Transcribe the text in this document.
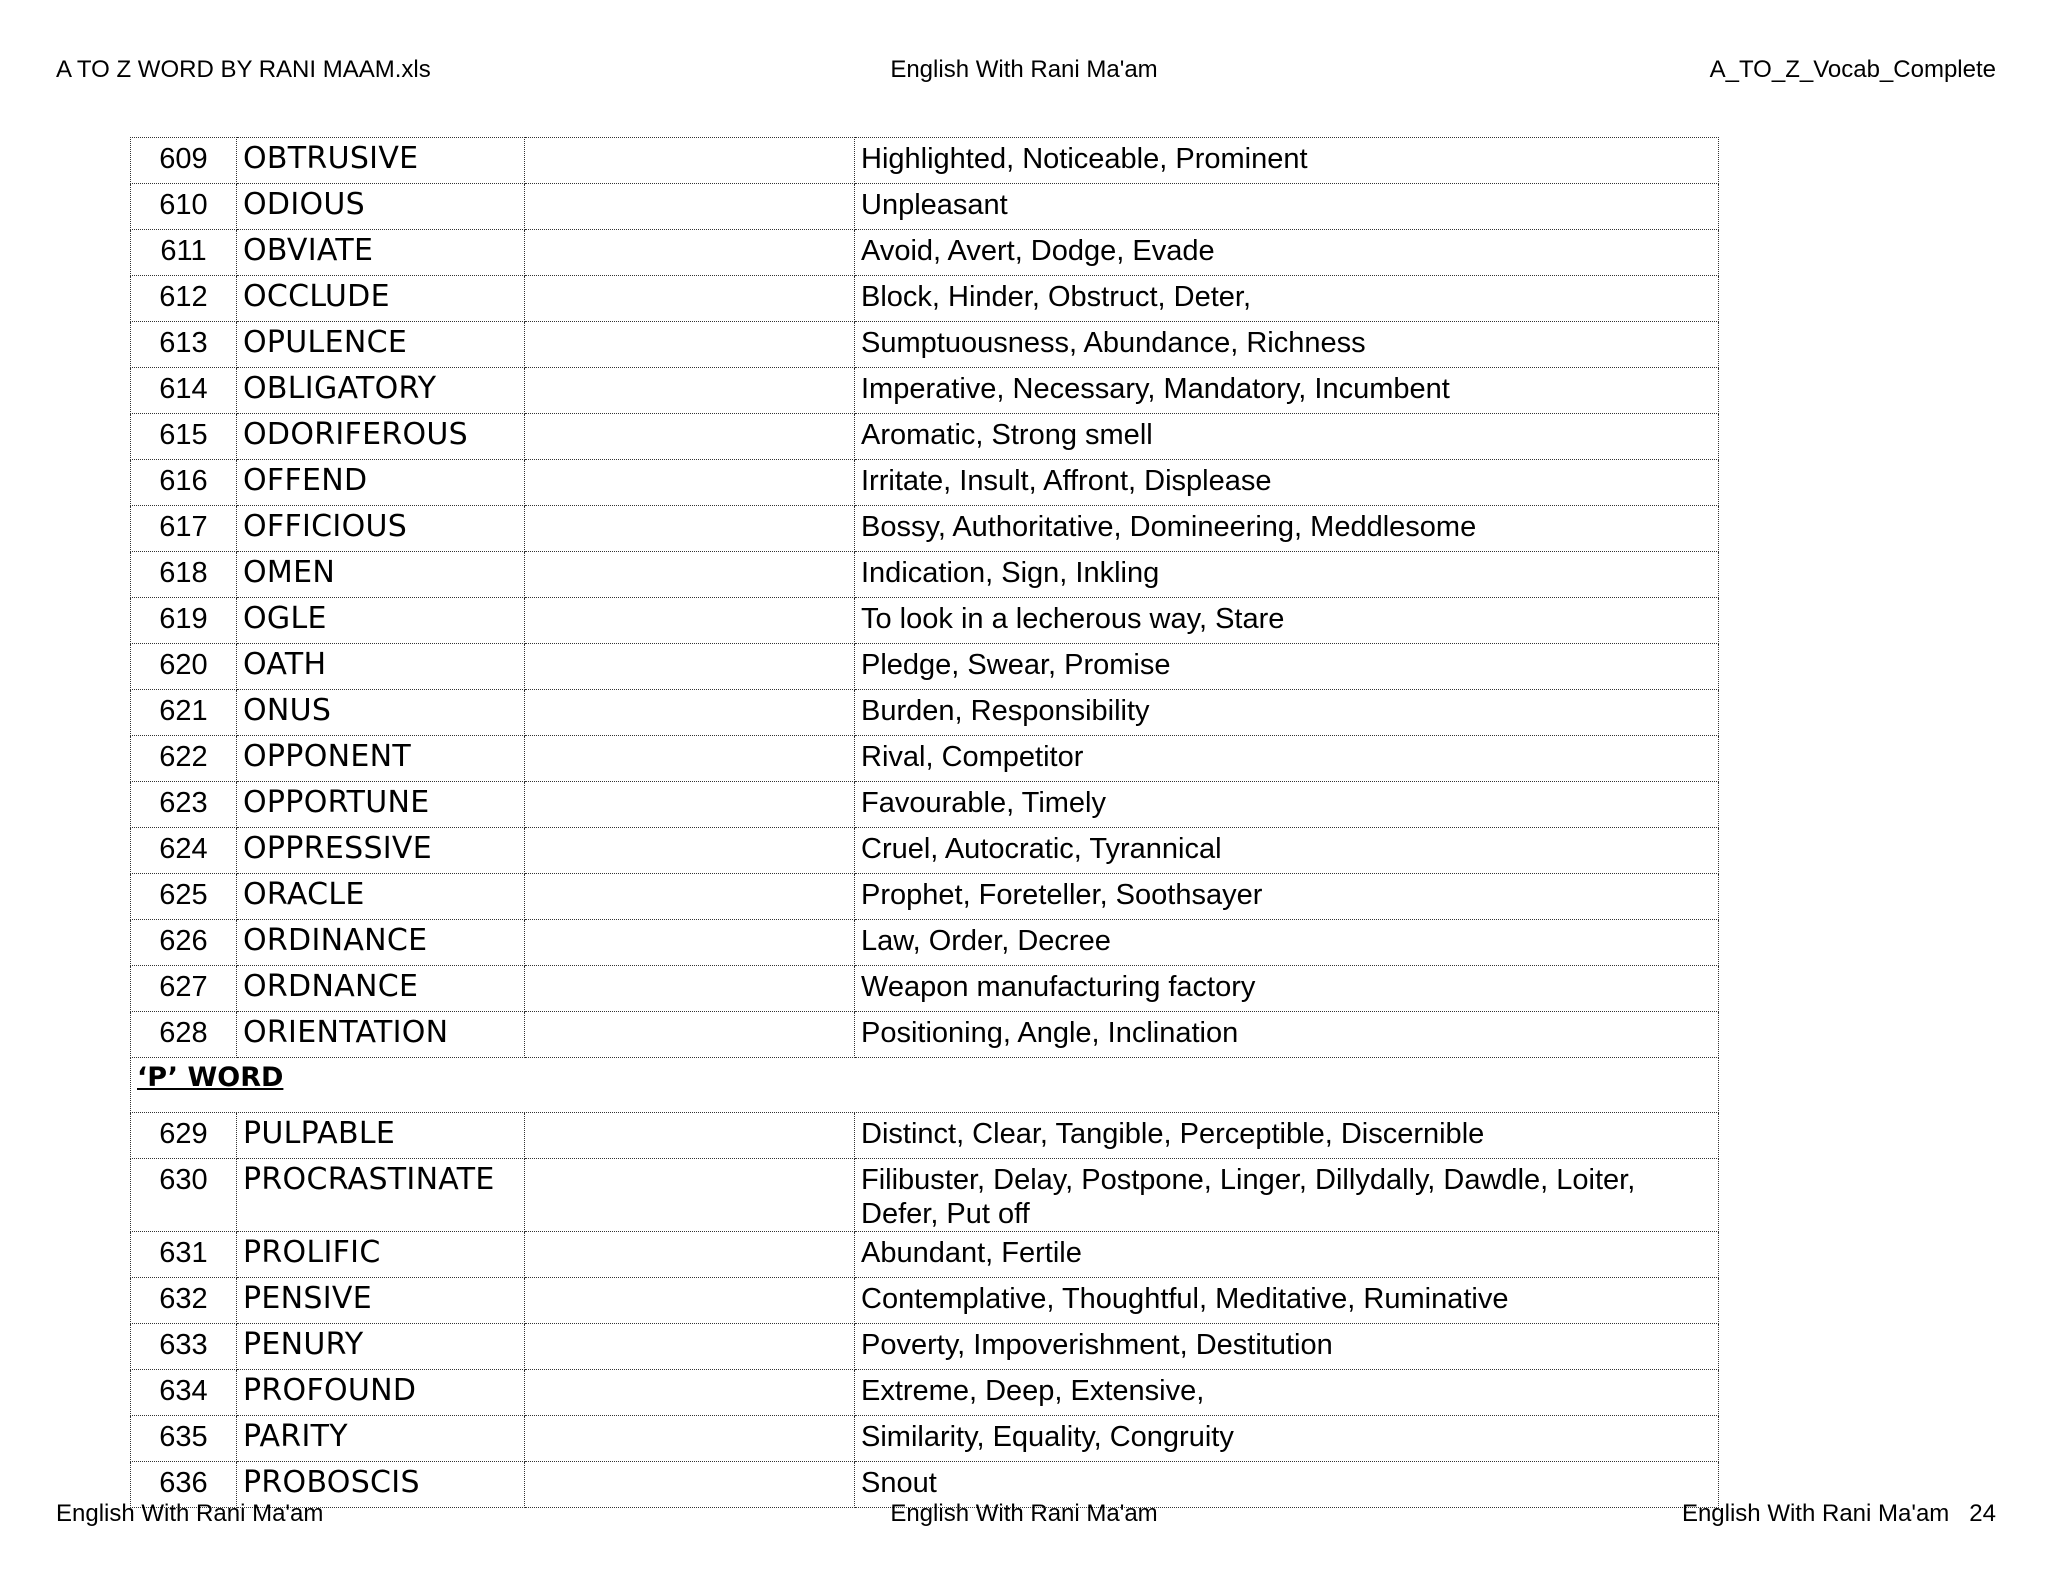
English With Rani Ma'am
A TO Z WORD BY RANI MAAM.xls	A_TO_Z_Vocab_Complete
609	OBTRUSIVE		Highlighted, Noticeable, Prominent
610	ODIOUS		Unpleasant
611	OBVIATE		Avoid, Avert, Dodge, Evade
612	OCCLUDE		Block, Hinder, Obstruct, Deter,
613	OPULENCE		Sumptuousness, Abundance, Richness
614	OBLIGATORY		Imperative, Necessary, Mandatory, Incumbent
615	ODORIFEROUS		Aromatic, Strong smell
616	OFFEND		Irritate, Insult, Affront, Displease
617	OFFICIOUS		Bossy, Authoritative, Domineering, Meddlesome
618	OMEN		Indication, Sign, Inkling
619	OGLE		To look in a lecherous way, Stare
620	OATH		Pledge, Swear, Promise
621	ONUS		Burden, Responsibility
622	OPPONENT		Rival, Competitor
623	OPPORTUNE		Favourable, Timely
624	OPPRESSIVE		Cruel, Autocratic, Tyrannical
625	ORACLE		Prophet, Foreteller, Soothsayer
626	ORDINANCE		Law, Order, Decree
627	ORDNANCE		Weapon manufacturing factory
628	ORIENTATION		Positioning, Angle, Inclination
‘P’ WORD			
629	PULPABLE		Distinct, Clear, Tangible, Perceptible, Discernible
630	PROCRASTINATE		Filibuster, Delay, Postpone, Linger, Dillydally, Dawdle, Loiter, Defer, Put off
631	PROLIFIC		Abundant, Fertile
632	PENSIVE		Contemplative, Thoughtful, Meditative, Ruminative
633	PENURY		Poverty, Impoverishment, Destitution
634	PROFOUND		Extreme, Deep, Extensive,
635	PARITY		Similarity, Equality, Congruity
636	PROBOSCIS		Snout
English With Rani Ma'am
English With Rani Ma'am	English With Rani Ma'am 24
